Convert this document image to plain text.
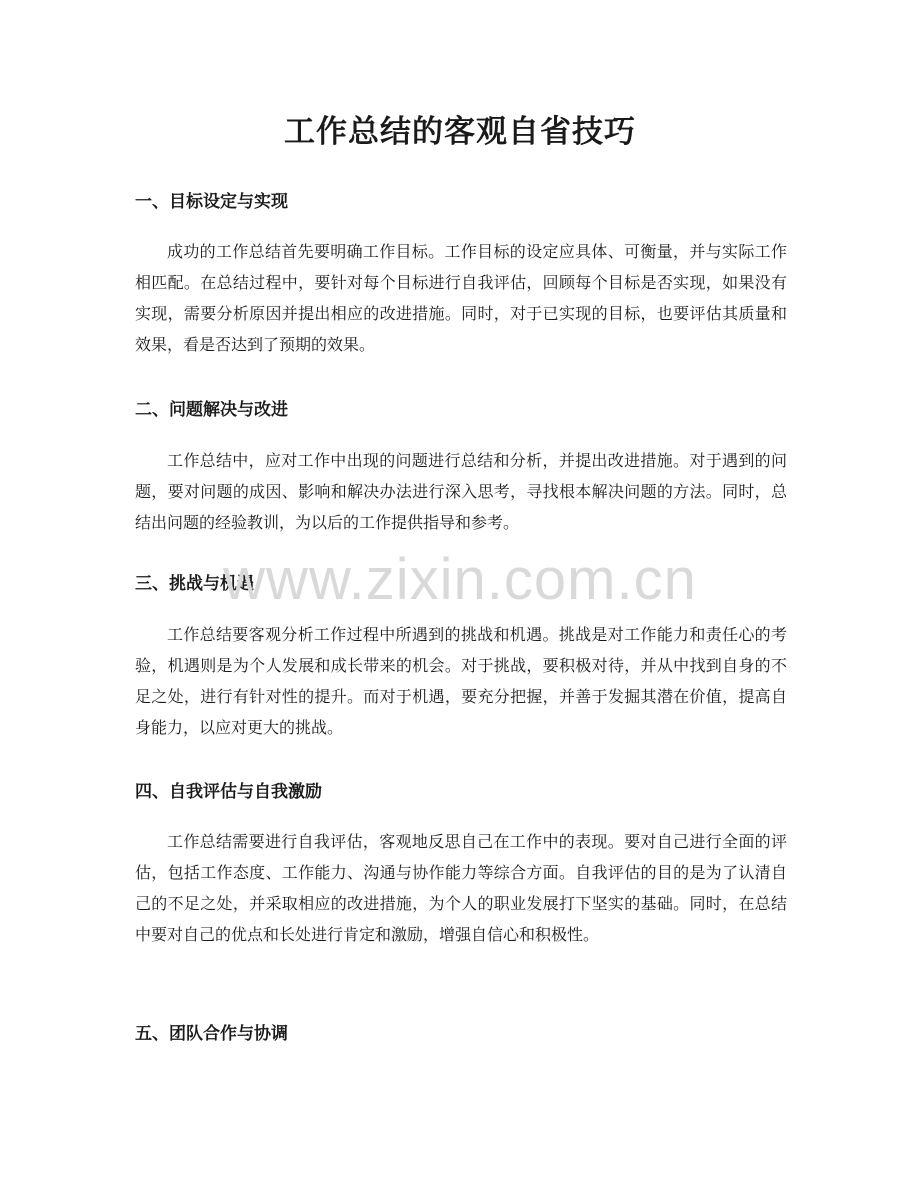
工作总结的客观自省技巧
一、目标设定与实现

成功的工作总结首先要明确工作目标。工作目标的设定应具体、可衡量，并与实际工作相匹配。在总结过程中，要针对每个目标进行自我评估，回顾每个目标是否实现，如果没有实现，需要分析原因并提出相应的改进措施。同时，对于已实现的目标，也要评估其质量和效果，看是否达到了预期的效果。

二、问题解决与改进

工作总结中，应对工作中出现的问题进行总结和分析，并提出改进措施。对于遇到的问题，要对问题的成因、影响和解决办法进行深入思考，寻找根本解决问题的方法。同时，总结出问题的经验教训，为以后的工作提供指导和参考。

三、挑战与机遇

工作总结要客观分析工作过程中所遇到的挑战和机遇。挑战是对工作能力和责任心的考验，机遇则是为个人发展和成长带来的机会。对于挑战，要积极对待，并从中找到自身的不足之处，进行有针对性的提升。而对于机遇，要充分把握，并善于发掘其潜在价值，提高自身能力，以应对更大的挑战。

四、自我评估与自我激励

工作总结需要进行自我评估，客观地反思自己在工作中的表现。要对自己进行全面的评估，包括工作态度、工作能力、沟通与协作能力等综合方面。自我评估的目的是为了认清自己的不足之处，并采取相应的改进措施，为个人的职业发展打下坚实的基础。同时，在总结中要对自己的优点和长处进行肯定和激励，增强自信心和积极性。

五、团队合作与协调
www.zixin.com.cn
